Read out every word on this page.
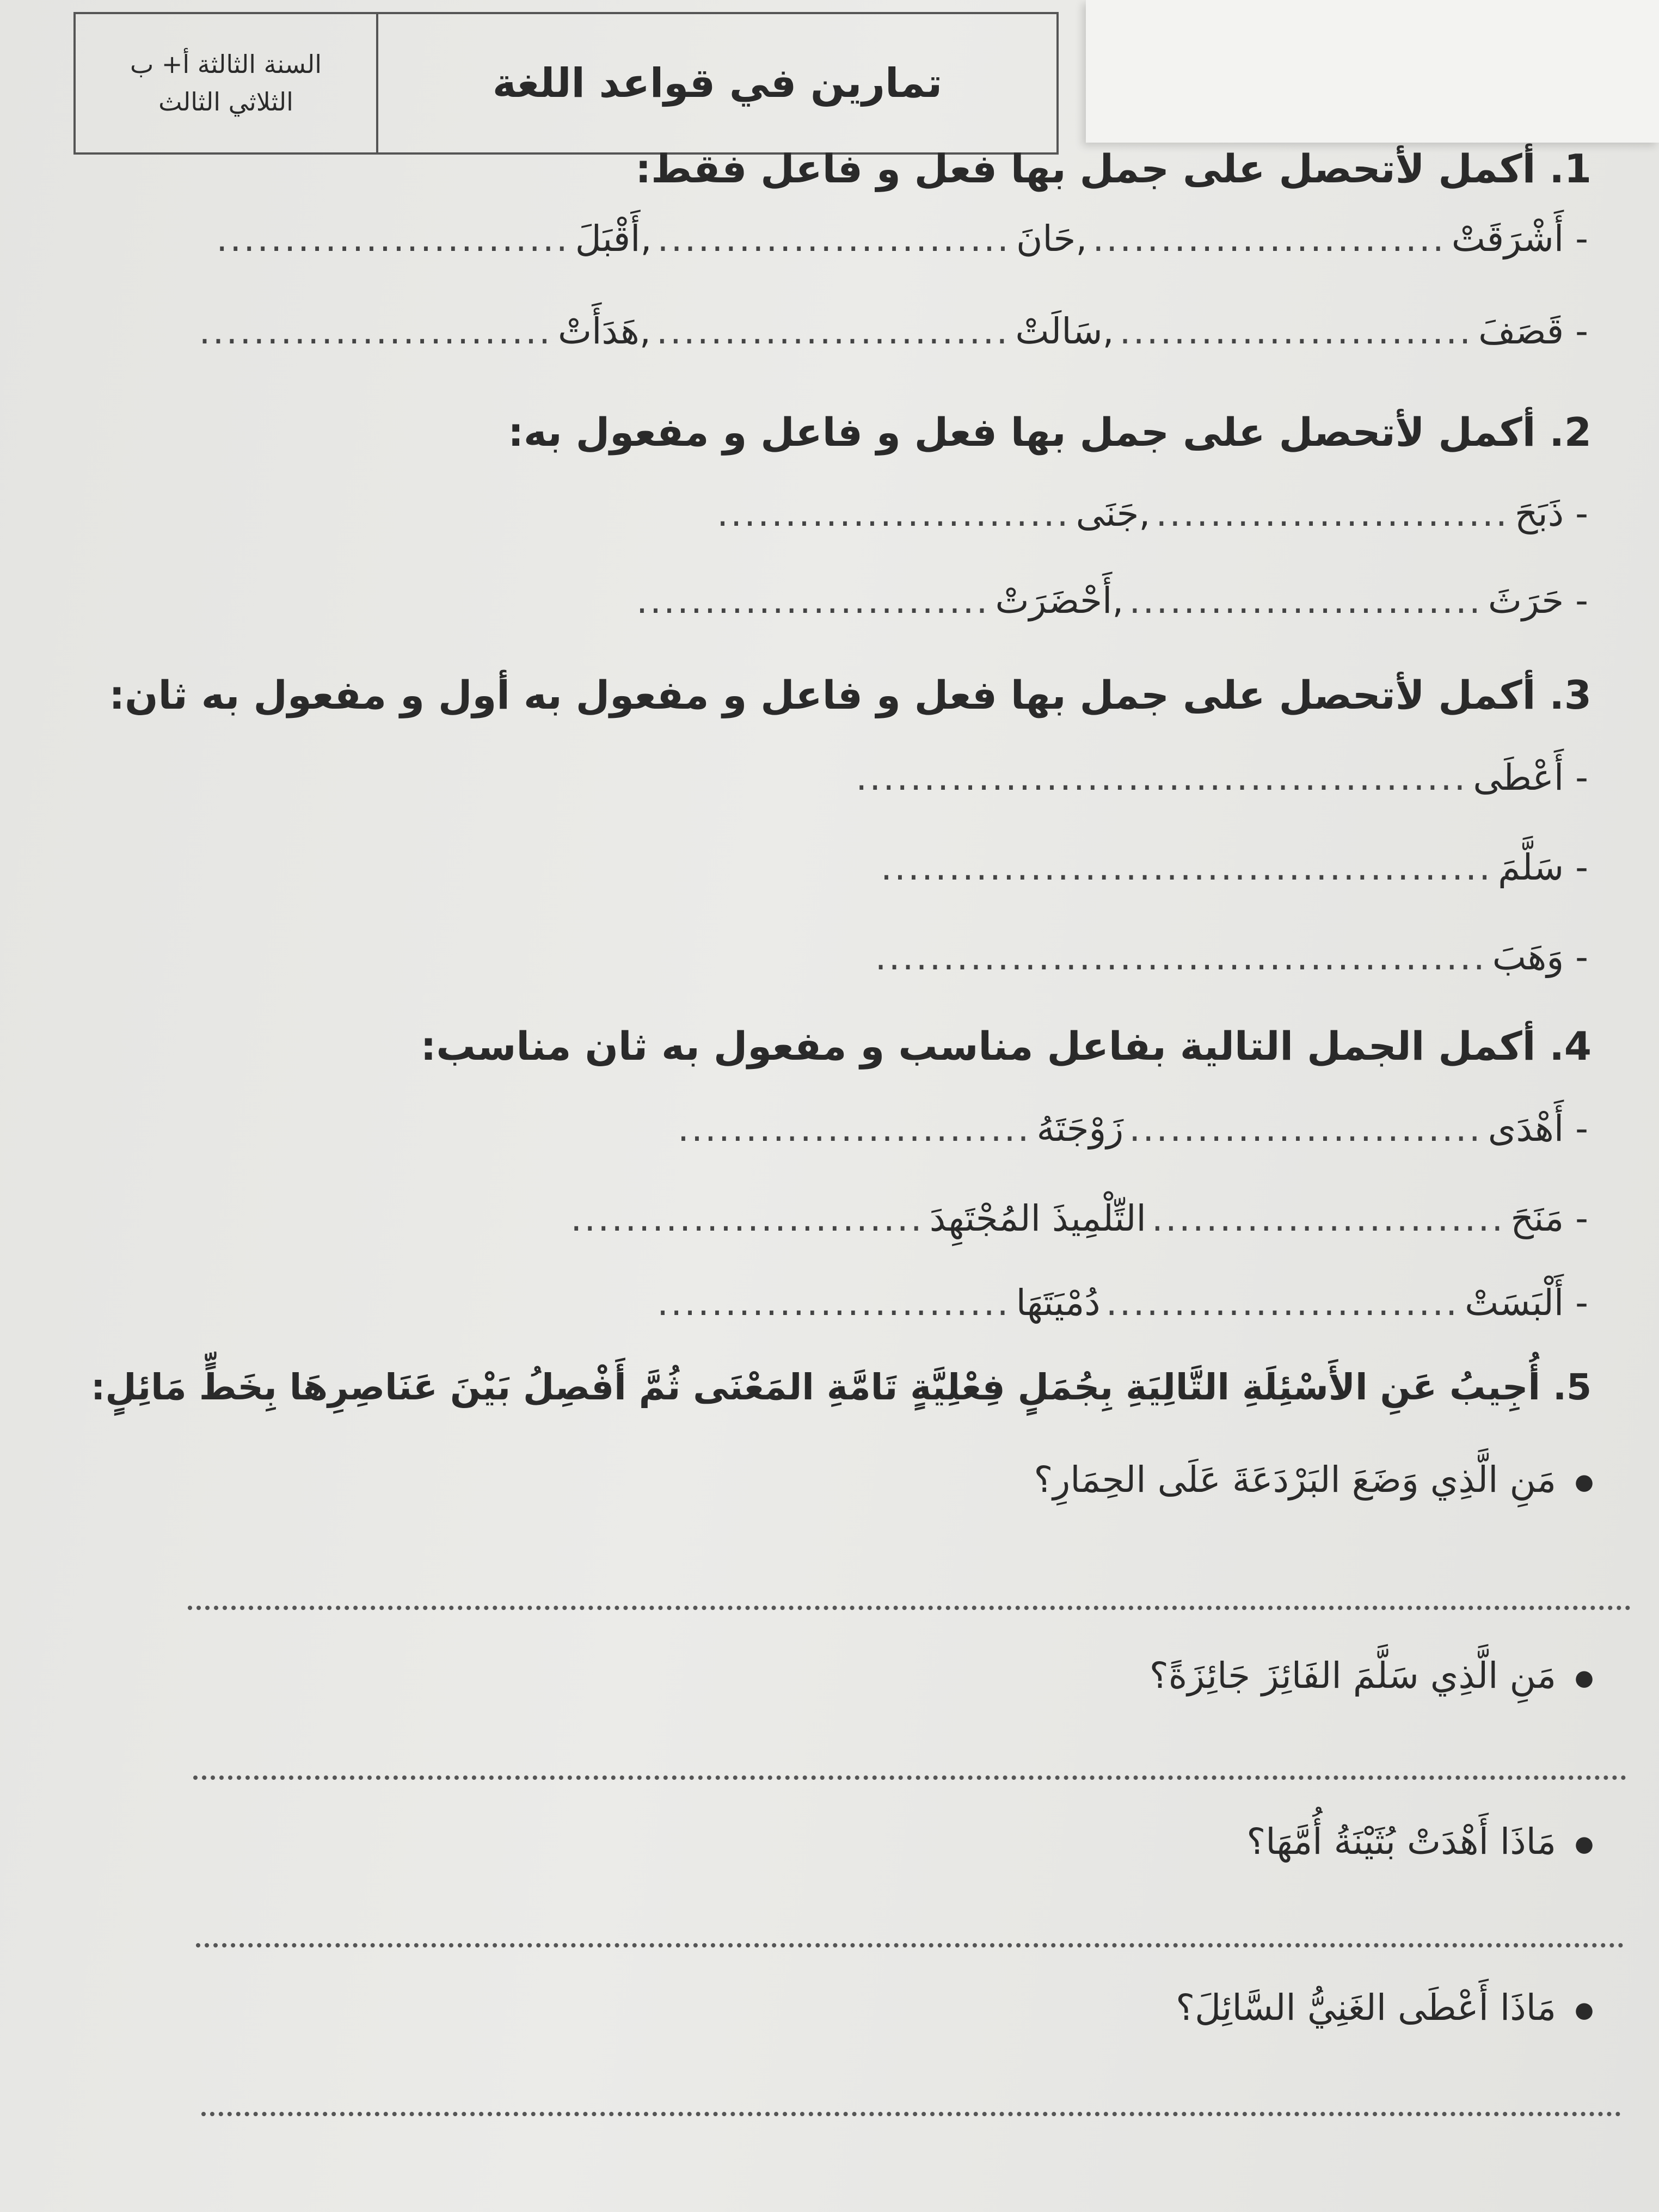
تمارين في قواعد اللغة
السنة الثالثة أ+ ب
الثلاثي الثالث
1. أكمل لأتحصل على جمل بها فعل و فاعل فقط:
- أَشْرَقَتْ
..........................
,حَانَ
..........................
,أَقْبَلَ
..........................
- قَصَفَ
..........................
,سَالَتْ
..........................
,هَدَأَتْ
..........................
2. أكمل لأتحصل على جمل بها فعل و فاعل و مفعول به:
- ذَبَحَ
..........................
,جَنَى
..........................
- حَرَثَ
..........................
,أَحْضَرَتْ
..........................
3. أكمل لأتحصل على جمل بها فعل و فاعل و مفعول به أول و مفعول به ثان:
- أَعْطَى
.............................................
- سَلَّمَ
.............................................
- وَهَبَ
.............................................
4. أكمل الجمل التالية بفاعل مناسب و مفعول به ثان مناسب:
- أَهْدَى
..........................
زَوْجَتَهُ
..........................
- مَنَحَ
..........................
التِّلْمِيذَ المُجْتَهِدَ
..........................
- أَلْبَسَتْ
..........................
دُمْيَتَهَا
..........................
5. أُجِيبُ عَنِ الأَسْئِلَةِ التَّالِيَةِ بِجُمَلٍ فِعْلِيَّةٍ تَامَّةِ المَعْنَى ثُمَّ أَفْصِلُ بَيْنَ عَنَاصِرِهَا بِخَطٍّ مَائِلٍ:
●مَنِ الَّذِي وَضَعَ البَرْدَعَةَ عَلَى الحِمَارِ؟
●مَنِ الَّذِي سَلَّمَ الفَائِزَ جَائِزَةً؟
●مَاذَا أَهْدَتْ بُثَيْنَةُ أُمَّهَا؟
●مَاذَا أَعْطَى الغَنِيُّ السَّائِلَ؟
